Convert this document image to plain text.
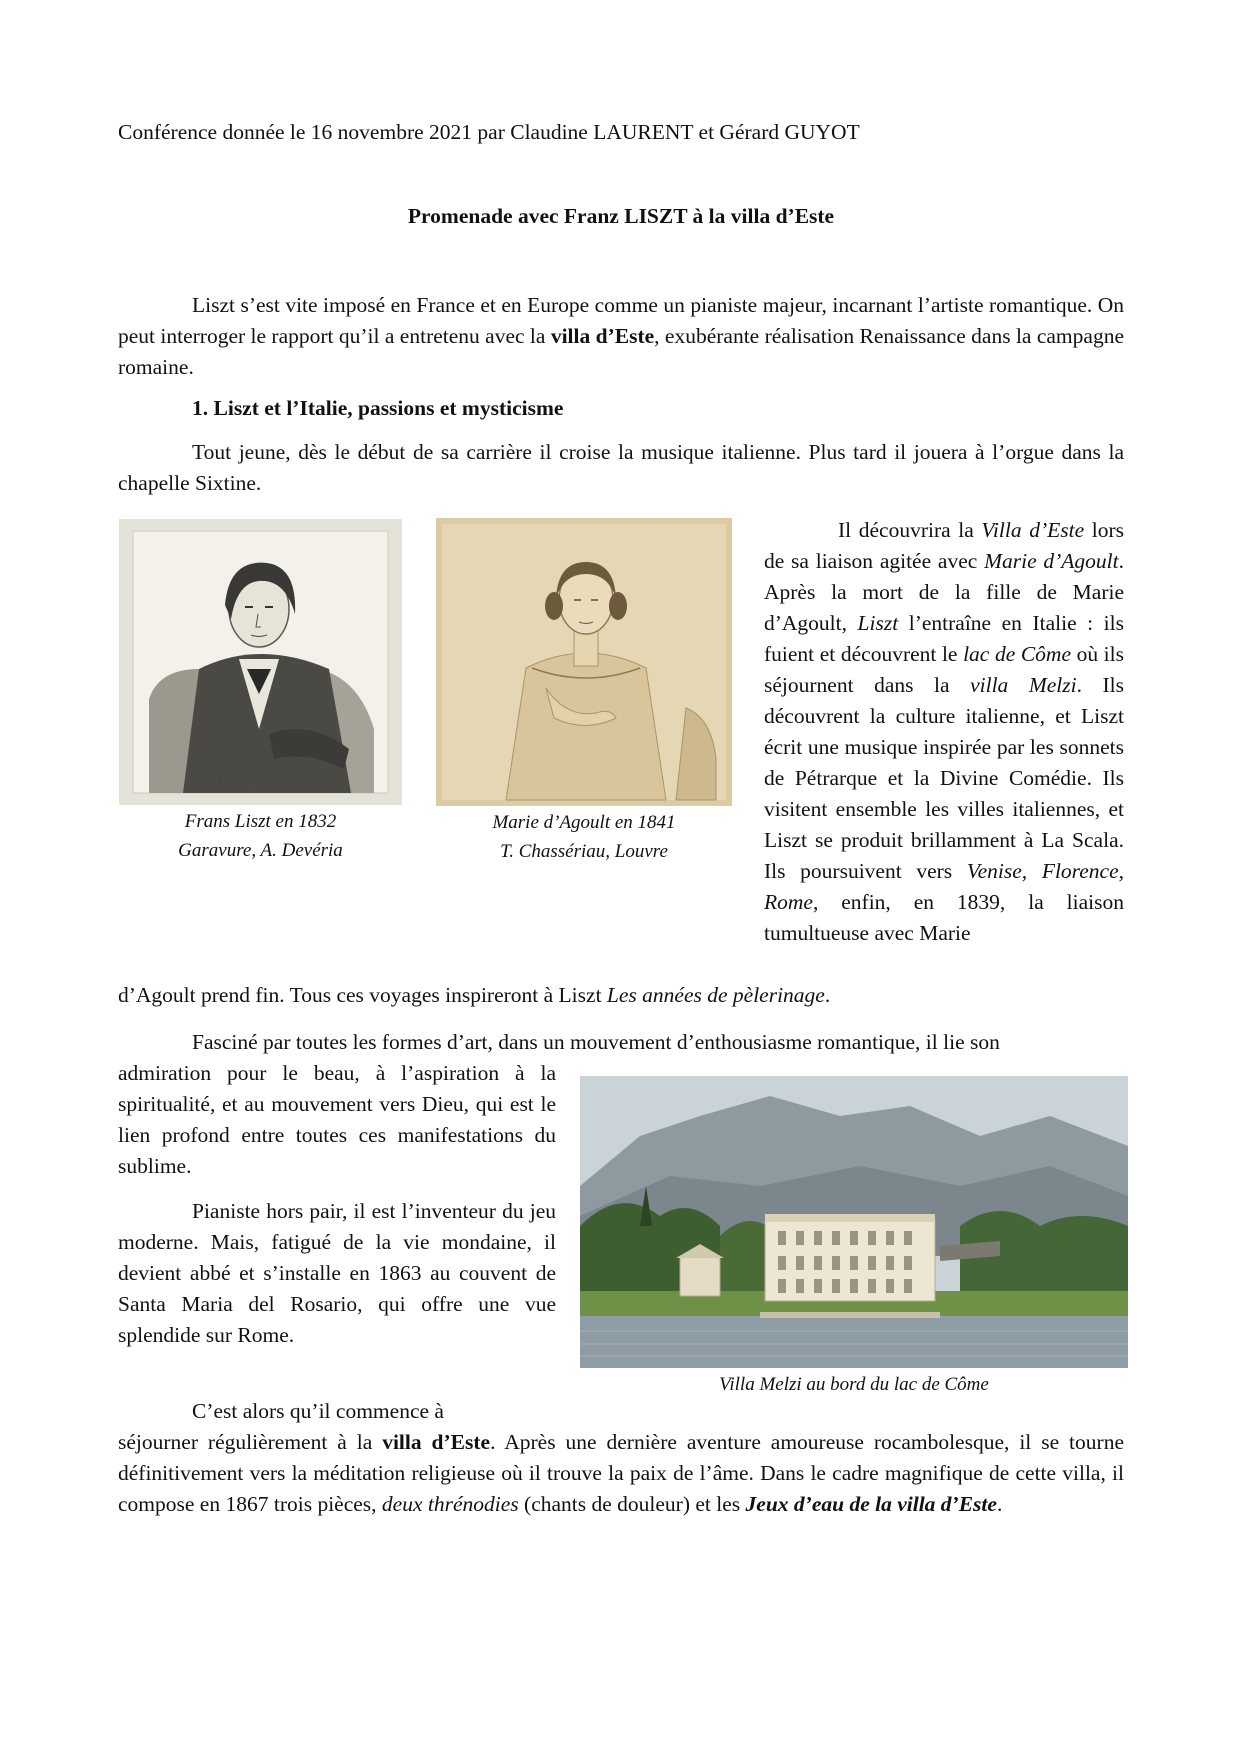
Conférence donnée le 16 novembre 2021 par Claudine LAURENT et Gérard GUYOT
Promenade avec Franz LISZT à la villa d’Este

Liszt s’est vite imposé en France et en Europe comme un pianiste majeur, incarnant l’artiste romantique. On peut interroger le rapport qu’il a entretenu avec la villa d’Este, exubérante réalisation Renaissance dans la campagne romaine.

1. Liszt et l’Italie, passions et mysticisme

Tout jeune, dès le début de sa carrière il croise la musique italienne. Plus tard il jouera à l’orgue dans la chapelle Sixtine.

LISZT.
Frans Liszt en 1832
Garavure, A. Devéria
Marie d’Agoult en 1841
T. Chassériau, Louvre

Il découvrira la Villa d’Este lors de sa liaison agitée avec Marie d’Agoult. Après la mort de la fille de Marie d’Agoult, Liszt l’entraîne en Italie : ils fuient et découvrent le lac de Côme où ils séjournent dans la villa Melzi. Ils découvrent la culture italienne, et Liszt écrit une musique inspirée par les sonnets de Pétrarque et la Divine Comédie. Ils visitent ensemble les villes italiennes, et Liszt se produit brillamment à La Scala. Ils poursuivent vers Venise, Florence, Rome, enfin, en 1839, la liaison tumultueuse avec Marie

d’Agoult prend fin. Tous ces voyages inspireront à Liszt Les années de pèlerinage.

Fasciné par toutes les formes d’art, dans un mouvement d’enthousiasme romantique, il lie son

admiration pour le beau, à l’aspiration à la spiritualité, et au mouvement vers Dieu, qui est le lien profond entre toutes ces manifestations du sublime.

Pianiste hors pair, il est l’inventeur du jeu moderne. Mais, fatigué de la vie mondaine, il devient abbé et s’installe en 1863 au couvent de Santa Maria del Rosario, qui offre une vue splendide sur Rome.

Villa Melzi au bord du lac de Côme

C’est alors qu’il commence à

séjourner régulièrement à la villa d’Este. Après une dernière aventure amoureuse rocambolesque, il se tourne définitivement vers la méditation religieuse où il trouve la paix de l’âme. Dans le cadre magnifique de cette villa, il compose en 1867 trois pièces, deux thrénodies (chants de douleur) et les Jeux d’eau de la villa d’Este.
